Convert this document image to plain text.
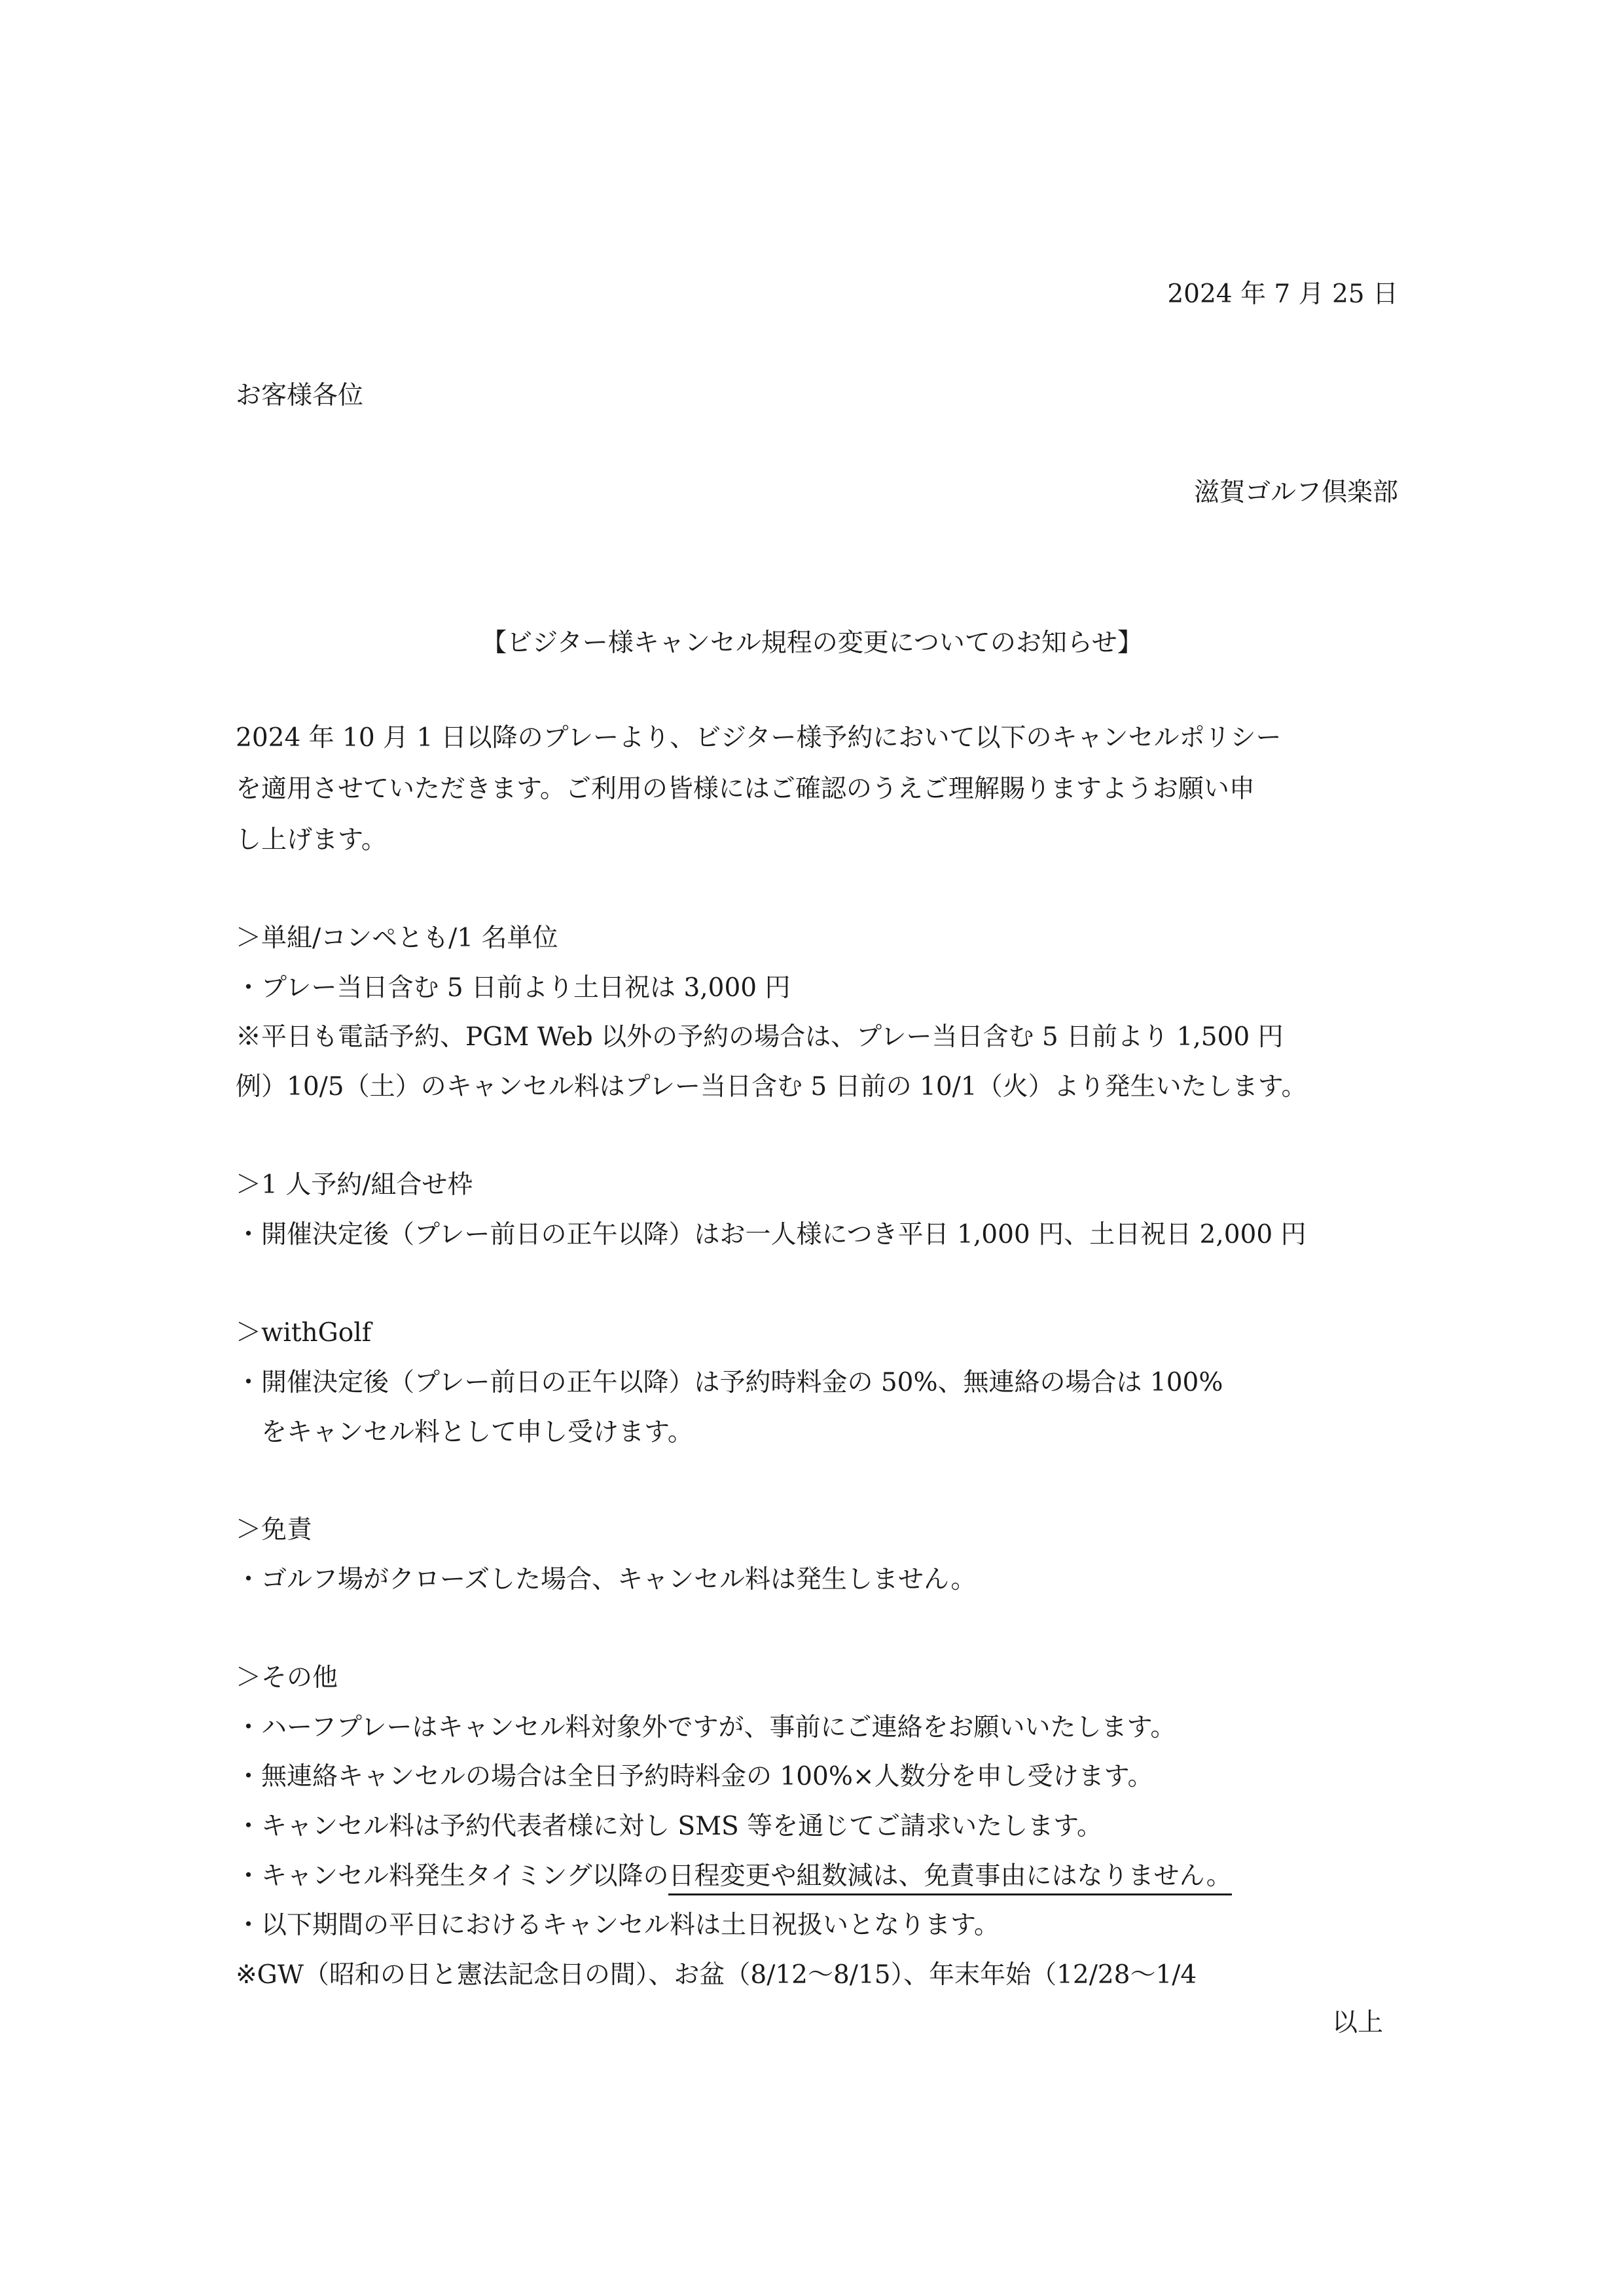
2024 年 7 月 25 日
お客様各位
滋賀ゴルフ倶楽部
【ビジター様キャンセル規程の変更についてのお知らせ】
2024 年 10 月 1 日以降のプレーより、ビジター様予約において以下のキャンセルポリシー
を適用させていただきます。ご利用の皆様にはご確認のうえご理解賜りますようお願い申
し上げます。
＞単組/コンペとも/1 名単位
・プレー当日含む 5 日前より土日祝は 3,000 円
※平日も電話予約、PGM Web 以外の予約の場合は、プレー当日含む 5 日前より 1,500 円
例）10/5（土）のキャンセル料はプレー当日含む 5 日前の 10/1（火）より発生いたします。
＞1 人予約/組合せ枠
・開催決定後（プレー前日の正午以降）はお一人様につき平日 1,000 円、土日祝日 2,000 円
＞withGolf
・開催決定後（プレー前日の正午以降）は予約時料金の 50%、無連絡の場合は 100%
　をキャンセル料として申し受けます。
＞免責
・ゴルフ場がクローズした場合、キャンセル料は発生しません。
＞その他
・ハーフプレーはキャンセル料対象外ですが、事前にご連絡をお願いいたします。
・無連絡キャンセルの場合は全日予約時料金の 100%×人数分を申し受けます。
・キャンセル料は予約代表者様に対し SMS 等を通じてご請求いたします。
・キャンセル料発生タイミング以降の日程変更や組数減は、免責事由にはなりません。
・以下期間の平日におけるキャンセル料は土日祝扱いとなります。
※GW（昭和の日と憲法記念日の間）、お盆（8/12～8/15）、年末年始（12/28～1/4
以上
